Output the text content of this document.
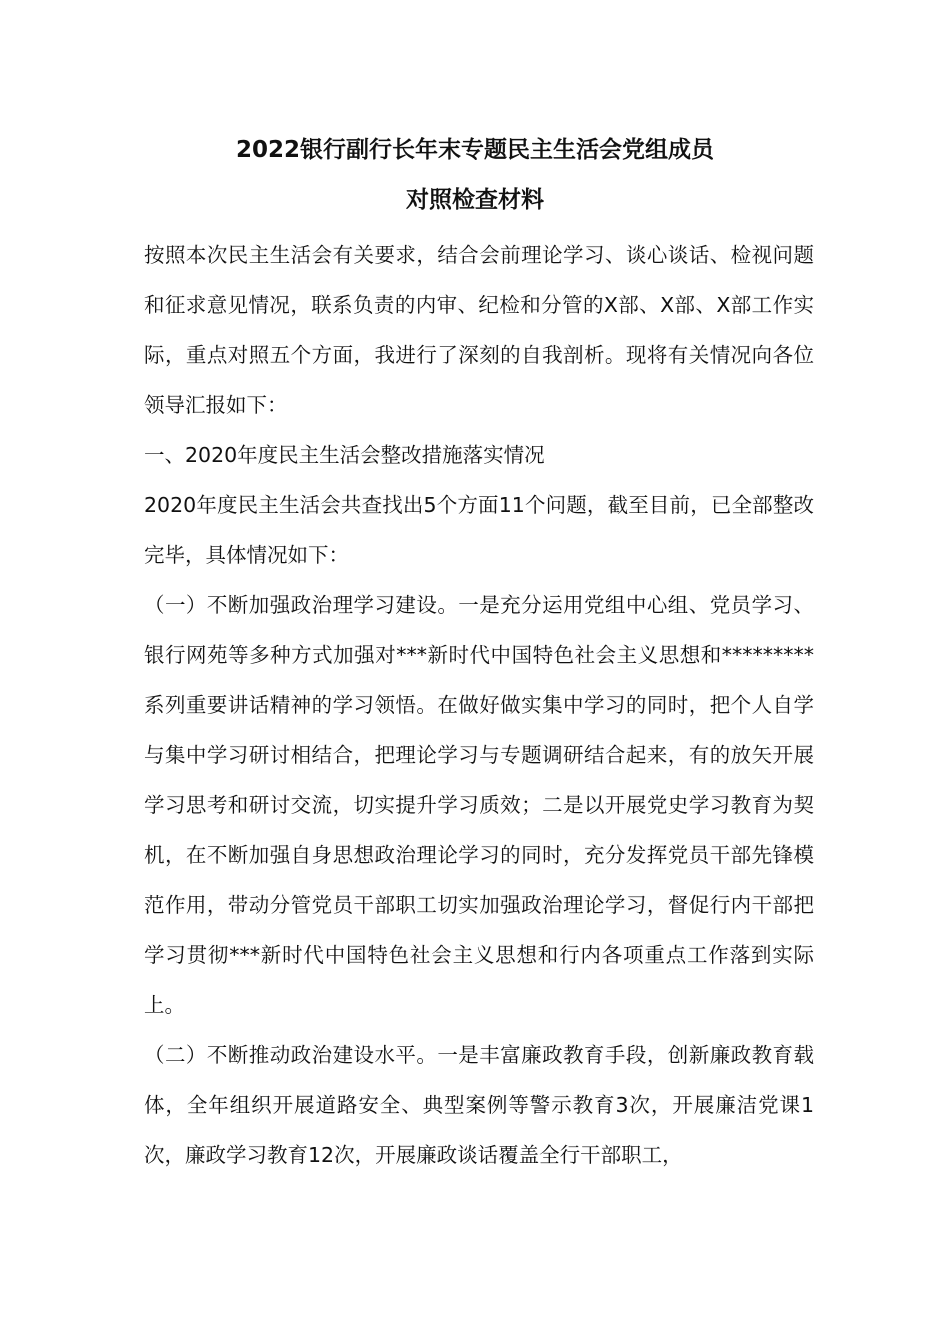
2022银行副行长年末专题民主生活会党组成员
对照检查材料

按照本次民主生活会有关要求，结合会前理论学习、谈心谈话、检视问题和征求意见情况，联系负责的内审、纪检和分管的X部、X部、X部工作实际，重点对照五个方面，我进行了深刻的自我剖析。现将有关情况向各位领导汇报如下：

一、2020年度民主生活会整改措施落实情况

2020年度民主生活会共查找出5个方面11个问题，截至目前，已全部整改完毕，具体情况如下：

（一）不断加强政治理学习建设。一是充分运用党组中心组、党员学习、银行网苑等多种方式加强对***新时代中国特色社会主义思想和*********系列重要讲话精神的学习领悟。在做好做实集中学习的同时，把个人自学与集中学习研讨相结合，把理论学习与专题调研结合起来，有的放矢开展学习思考和研讨交流，切实提升学习质效；二是以开展党史学习教育为契机，在不断加强自身思想政治理论学习的同时，充分发挥党员干部先锋模范作用，带动分管党员干部职工切实加强政治理论学习，督促行内干部把学习贯彻***新时代中国特色社会主义思想和行内各项重点工作落到实际上。

（二）不断推动政治建设水平。一是丰富廉政教育手段，创新廉政教育载体，全年组织开展道路安全、典型案例等警示教育3次，开展廉洁党课1次，廉政学习教育12次，开展廉政谈话覆盖全行干部职工，
